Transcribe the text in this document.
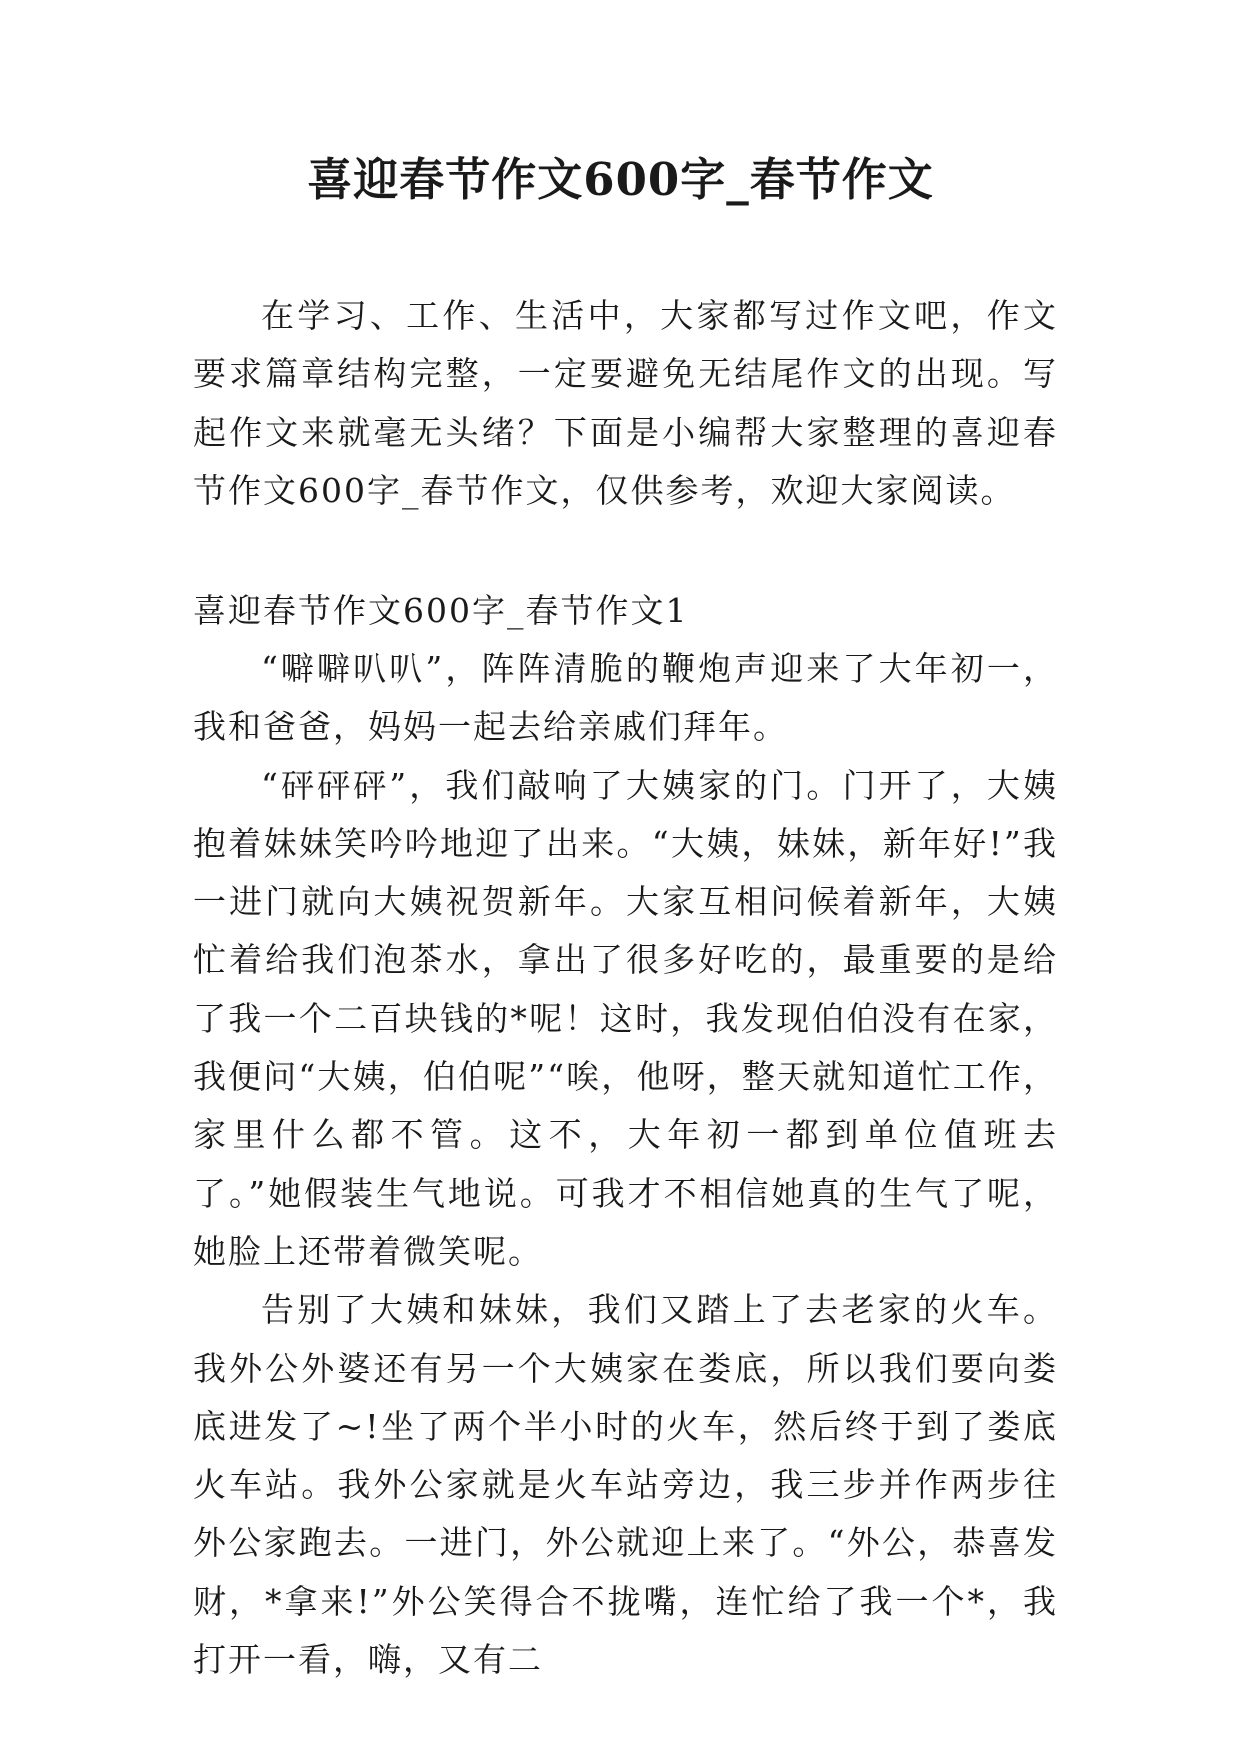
喜迎春节作文600字_春节作文

在学习、工作、生活中，大家都写过作文吧，作文要求篇章结构完整，一定要避免无结尾作文的出现。写起作文来就毫无头绪？下面是小编帮大家整理的喜迎春节作文600字_春节作文，仅供参考，欢迎大家阅读。

喜迎春节作文600字_春节作文1

“噼噼叭叭”，阵阵清脆的鞭炮声迎来了大年初一，我和爸爸，妈妈一起去给亲戚们拜年。

“砰砰砰”，我们敲响了大姨家的门。门开了，大姨抱着妹妹笑吟吟地迎了出来。“大姨，妹妹，新年好!”我一进门就向大姨祝贺新年。大家互相问候着新年，大姨忙着给我们泡茶水，拿出了很多好吃的，最重要的是给了我一个二百块钱的*呢！这时，我发现伯伯没有在家，我便问“大姨，伯伯呢”“唉，他呀，整天就知道忙工作，家里什么都不管。这不，大年初一都到单位值班去了。”她假装生气地说。可我才不相信她真的生气了呢，她脸上还带着微笑呢。

告别了大姨和妹妹，我们又踏上了去老家的火车。我外公外婆还有另一个大姨家在娄底，所以我们要向娄底进发了~!坐了两个半小时的火车，然后终于到了娄底火车站。我外公家就是火车站旁边，我三步并作两步往外公家跑去。一进门，外公就迎上来了。“外公，恭喜发财，*拿来!”外公笑得合不拢嘴，连忙给了我一个*，我打开一看，嗨，又有二
